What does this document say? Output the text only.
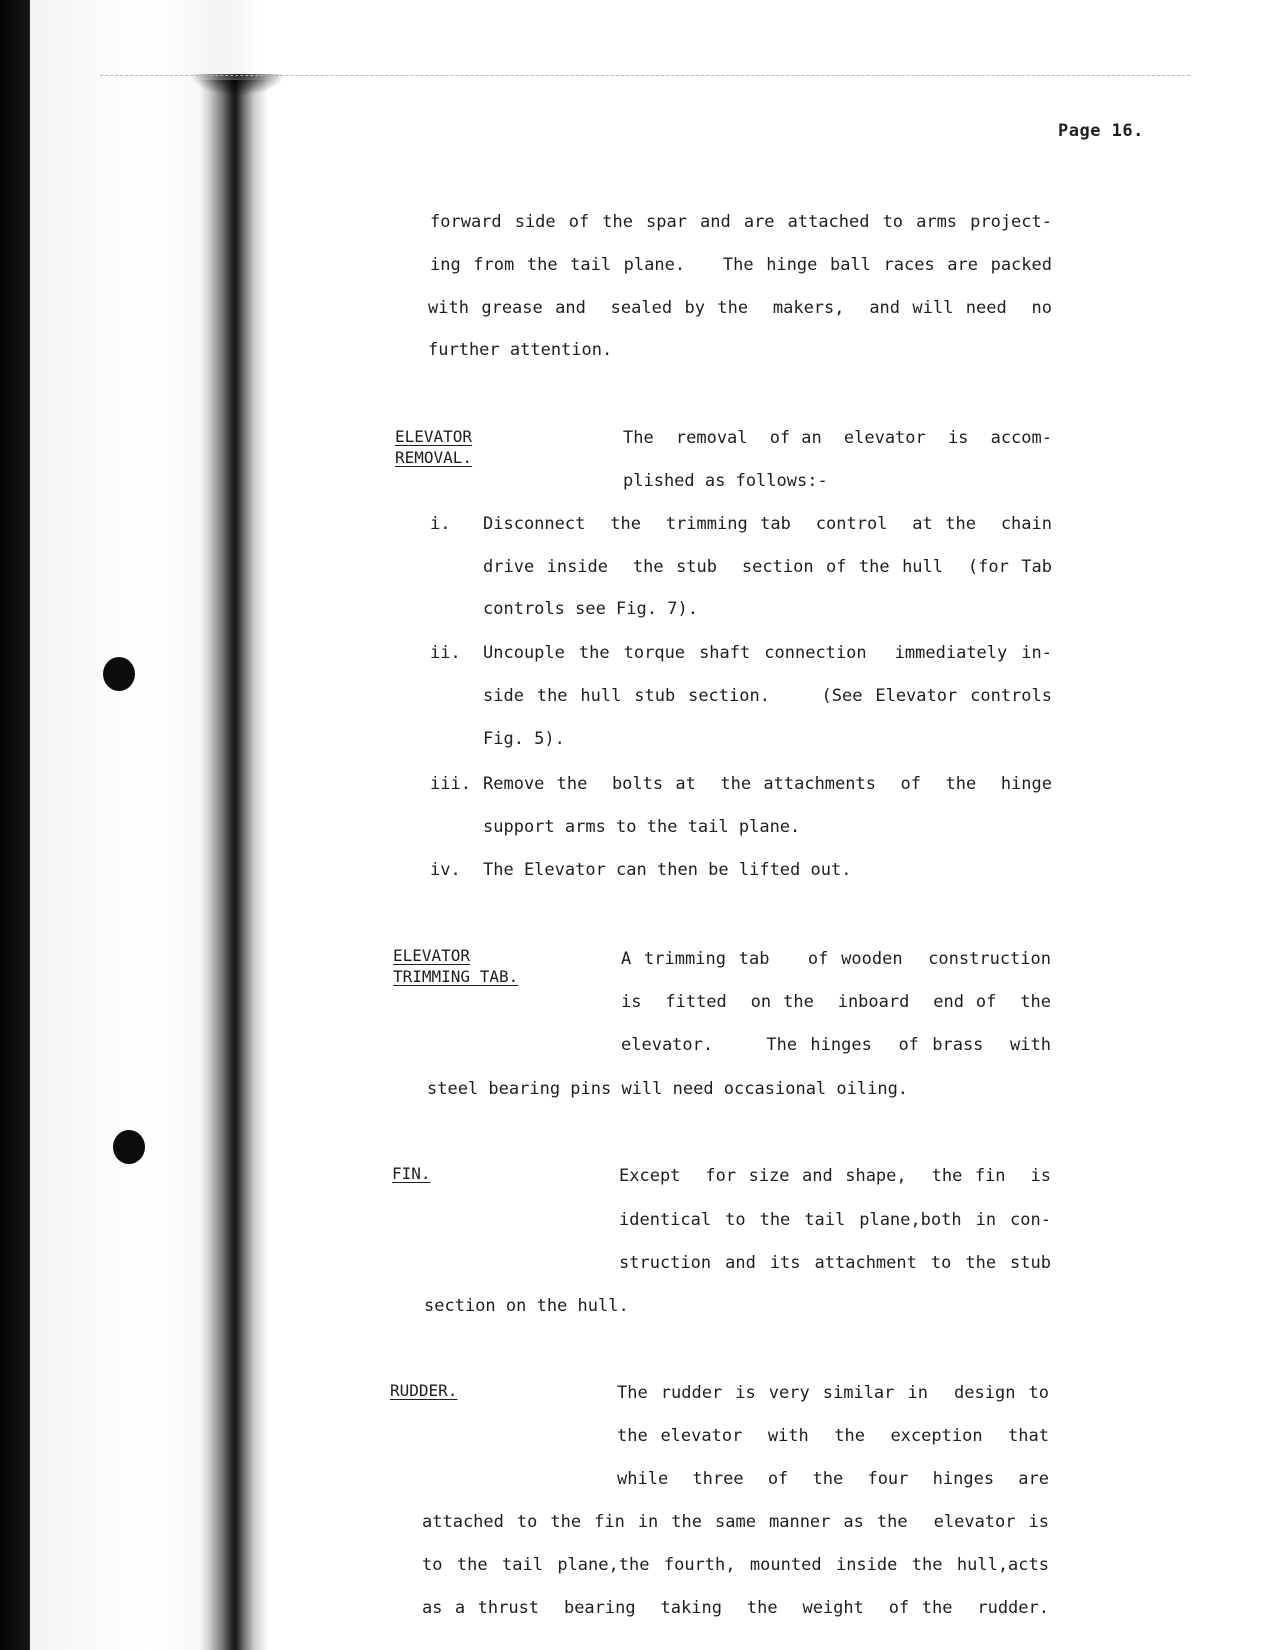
Page 16.
forward side of the spar and are attached to arms project-
ing from the tail plane.   The hinge ball races are packed
with grease and  sealed by the  makers,  and will need  no
further attention.
ELEVATOR
REMOVAL.
The  removal  of an  elevator  is  accom-
plished as follows:-
i. Disconnect  the  trimming tab  control  at the  chain
drive inside  the stub  section of the hull  (for Tab
controls see Fig. 7).
ii. Uncouple the torque shaft connection  immediately in-
side the hull stub section.    (See Elevator controls
Fig. 5).
iii. Remove the  bolts at  the attachments  of  the  hinge
support arms to the tail plane.
iv. The Elevator can then be lifted out.
ELEVATOR
TRIMMING TAB.
A trimming tab   of wooden  construction
is  fitted  on the  inboard  end of  the
elevator.    The hinges  of brass  with
steel bearing pins will need occasional oiling.
FIN.	Except  for size and shape,  the fin  is
identical to the tail plane,both in con-
struction and its attachment to the stub
section on the hull.
RUDDER.	The rudder is very similar in  design to
the elevator  with  the  exception  that
while  three  of  the  four  hinges  are
attached to the fin in the same manner as the  elevator is
to the tail plane,the fourth, mounted inside the hull,acts
as a thrust  bearing  taking  the  weight  of the  rudder.
